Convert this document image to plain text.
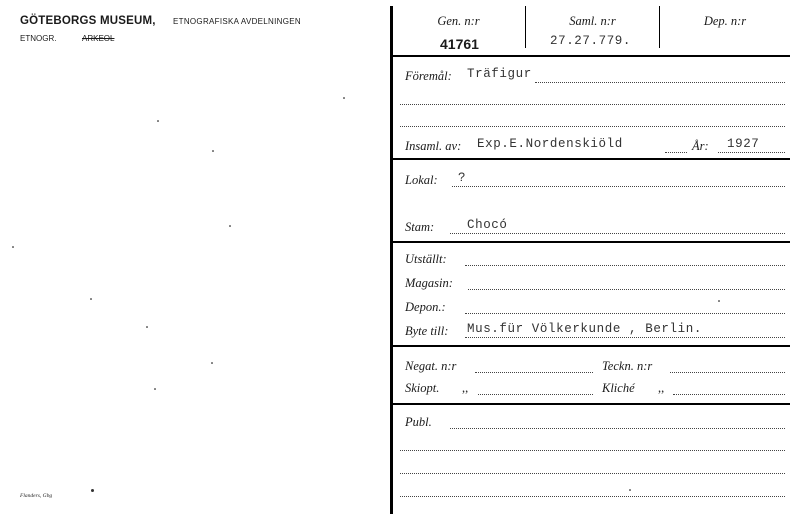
GÖTEBORGS MUSEUM, ETNOGRAFISKA AVDELNINGEN
ETNOGR.	ARKEOL
Flanders, Gbg
Gen. n:r
41761
Saml. n:r
27.27.779.
Dep. n:r
Föremål: Träfigur
Insaml. av: Exp.E.Nordenskiöld	År: 1927
Lokal: ?
Stam:	Chocó
Utställt:
Magasin:
Depon.:
Byte till: Mus.für Völkerkunde , Berlin.
Negat. n:r	Teckn. n:r
Skiopt. ,,	Kliché ,,
Publ.
